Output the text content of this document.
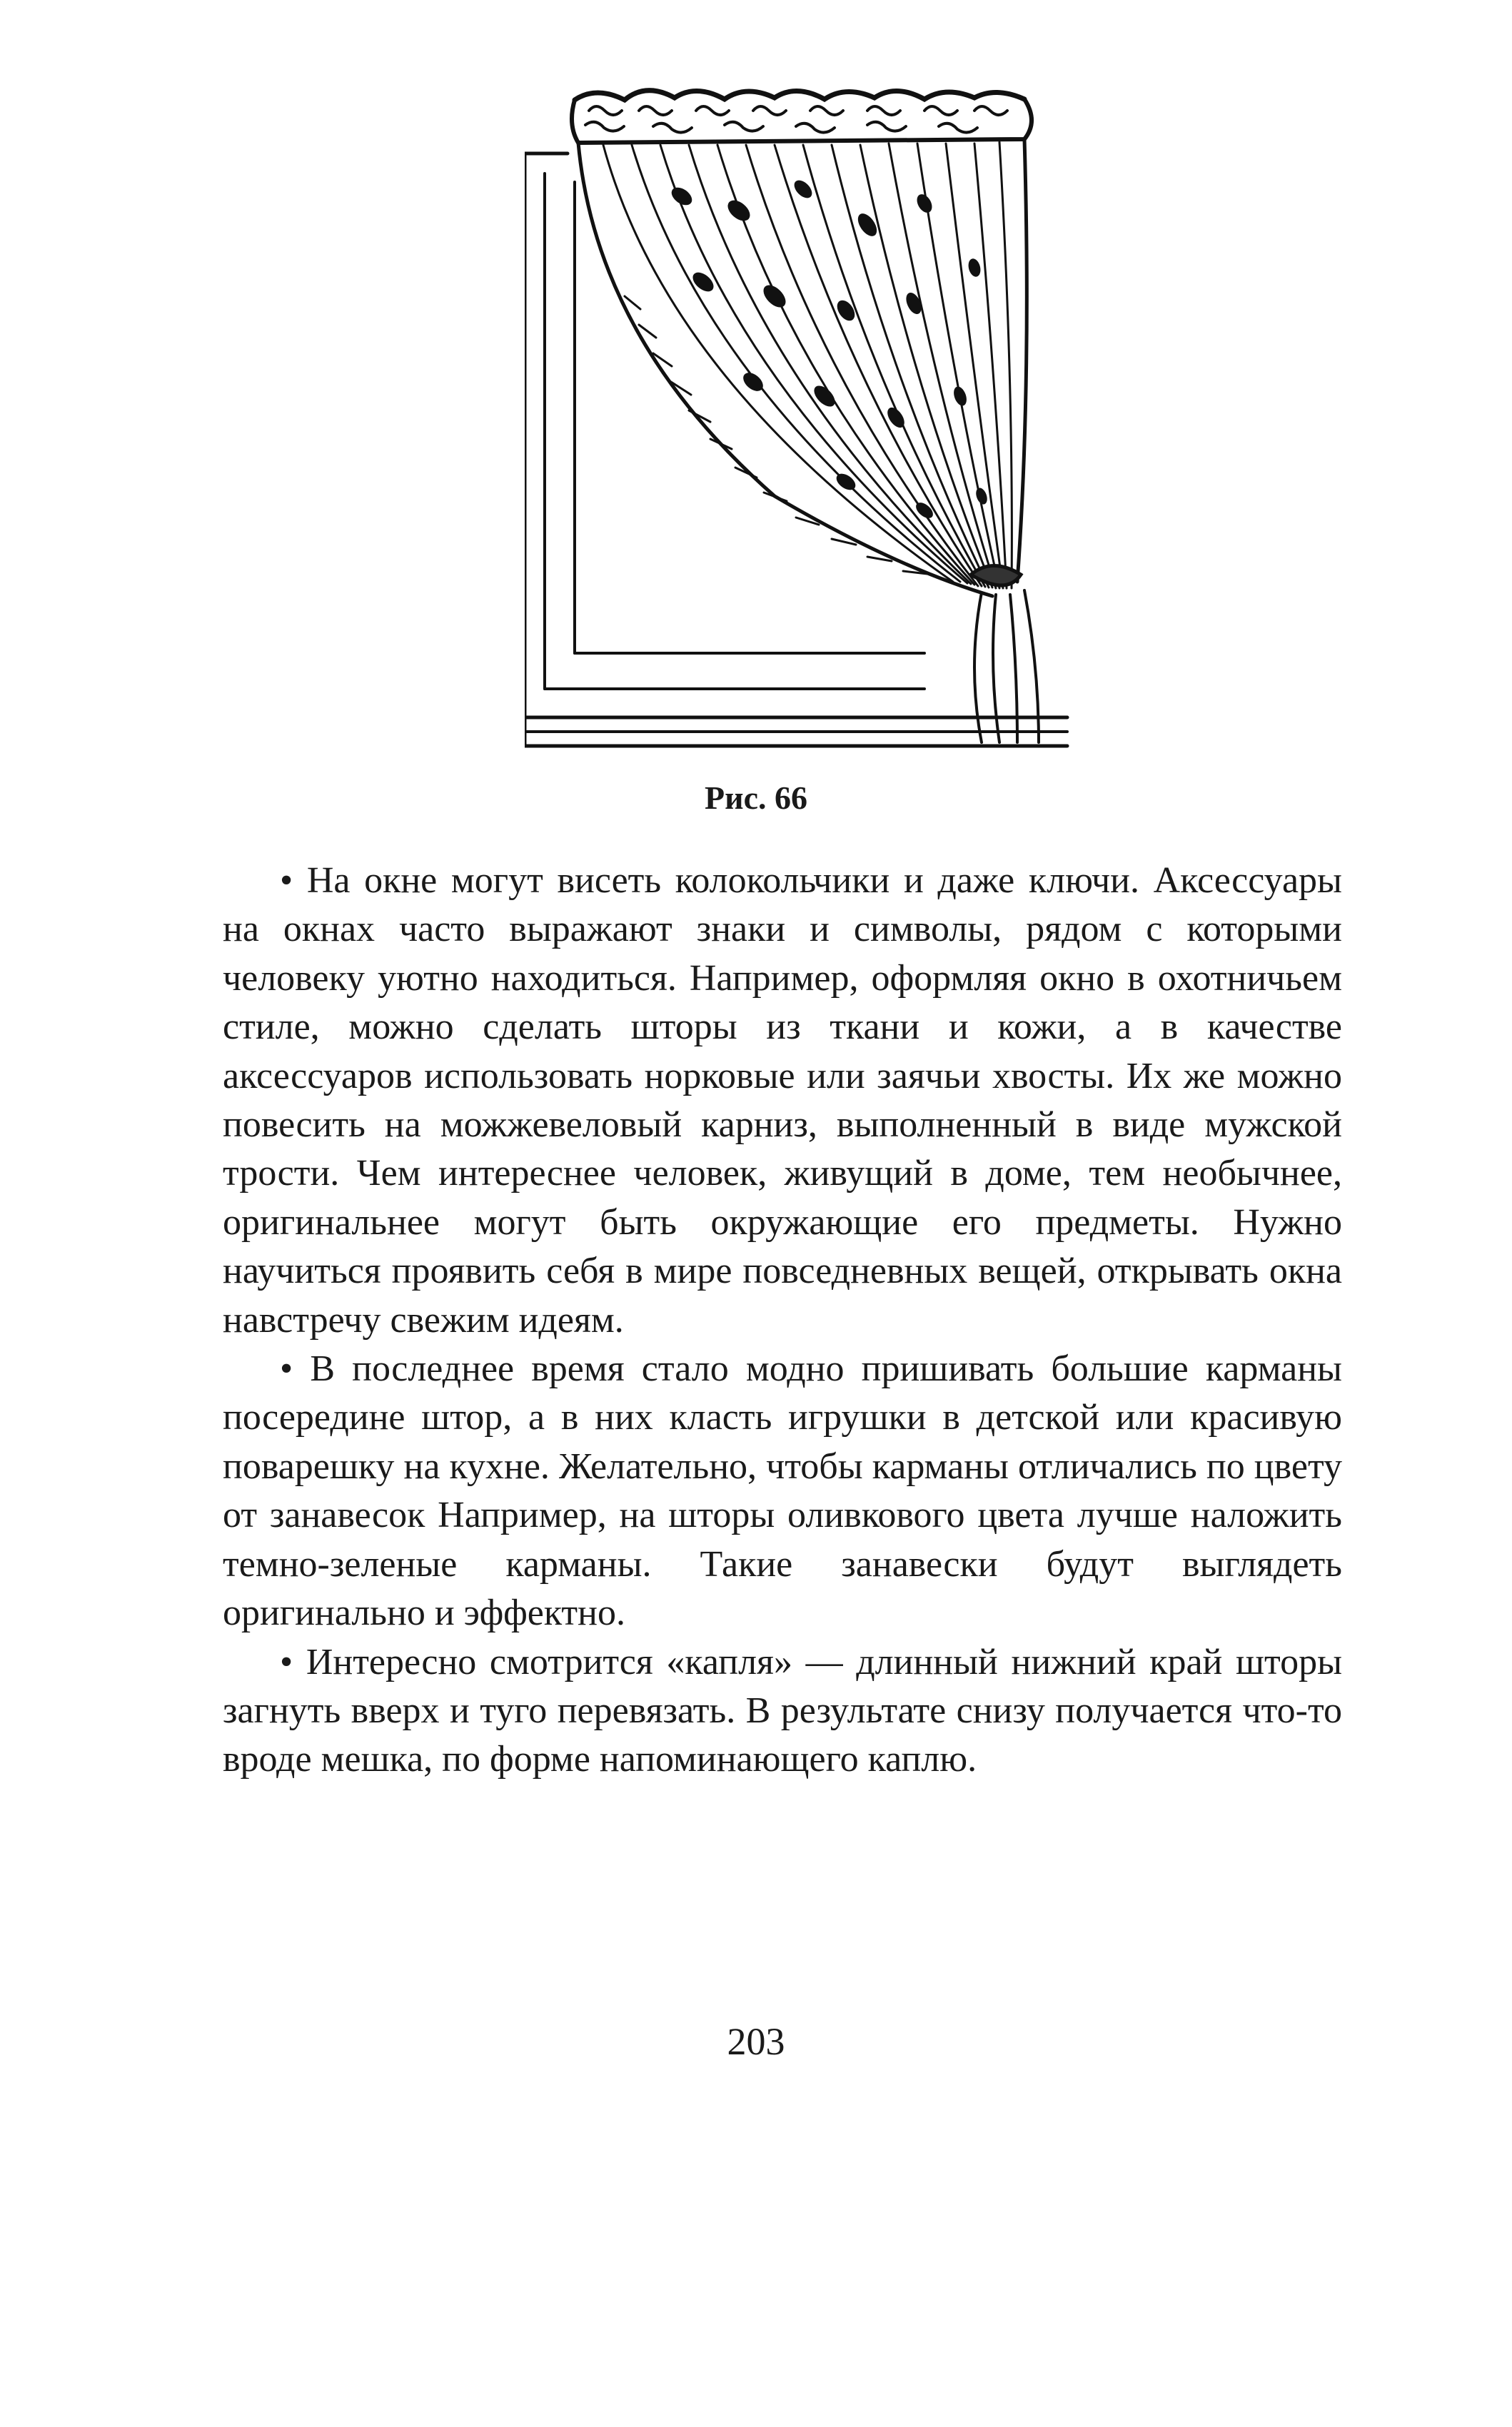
Рис. 66

• На окне могут висеть колокольчики и даже ключи. Аксессуары на окнах часто выражают знаки и символы, рядом с которыми человеку уютно находиться. Например, оформляя окно в охотничьем стиле, можно сделать шторы из ткани и кожи, а в качестве аксессуаров использовать норковые или заячьи хвосты. Их же можно повесить на можжевеловый карниз, выполненный в виде мужской трости. Чем интереснее человек, живущий в доме, тем необычнее, оригинальнее могут быть окружающие его предметы. Нужно научиться проявить себя в мире повседневных вещей, открывать окна навстречу свежим идеям.

• В последнее время стало модно пришивать большие карманы посередине штор, а в них класть игрушки в детской или красивую поварешку на кухне. Желательно, чтобы карманы отличались по цвету от занавесок Например, на шторы оливкового цвета лучше наложить темно-зеленые карманы. Такие занавески будут выглядеть оригинально и эффектно.

• Интересно смотрится «капля» — длинный нижний край шторы загнуть вверх и туго перевязать. В результате снизу получается что-то вроде мешка, по форме напоминающего каплю.

203
